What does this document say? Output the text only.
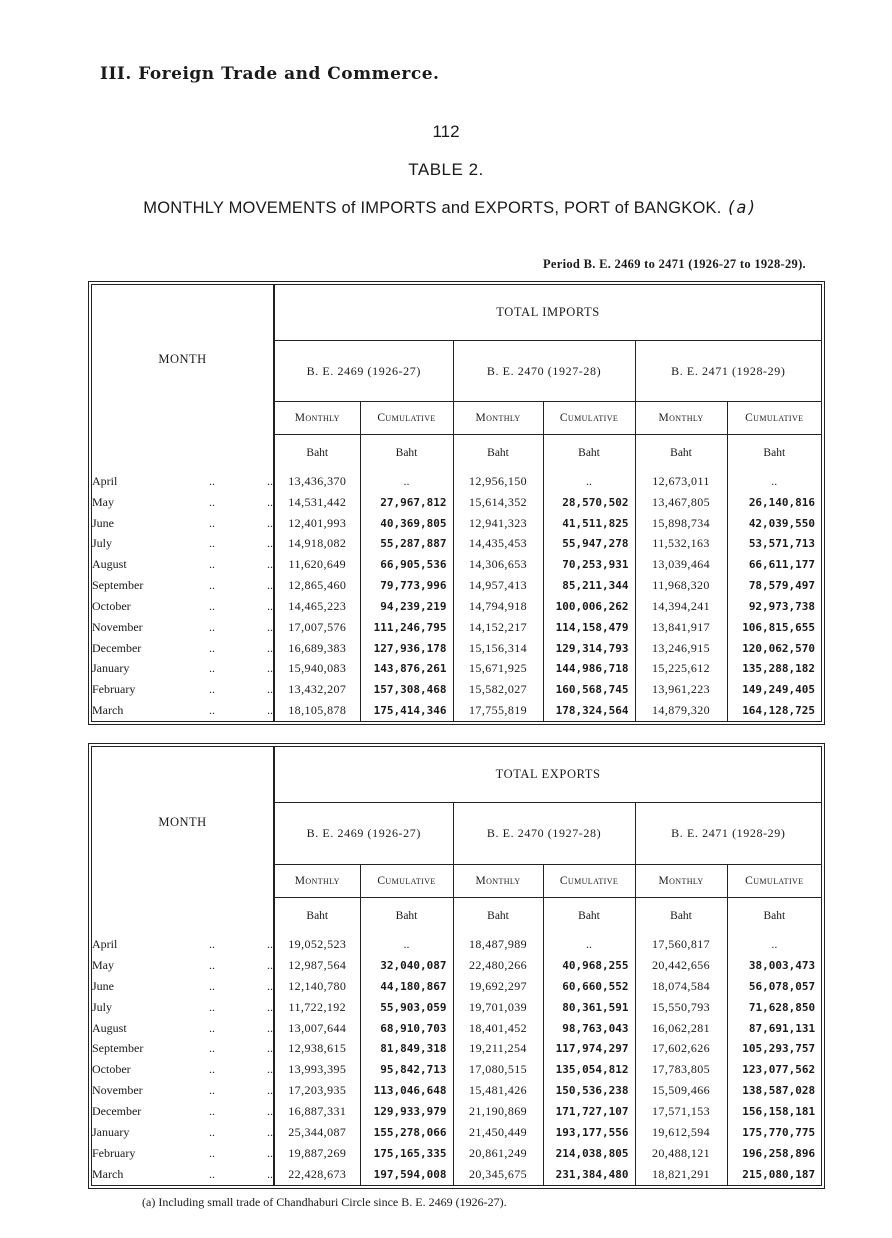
III. Foreign Trade and Commerce.
112
TABLE 2.
MONTHLY MOVEMENTS of IMPORTS and EXPORTS, PORT of BANGKOK. (a)
Period B. E. 2469 to 2471 (1926-27 to 1928-29).
MONTH			TOTAL IMPORTS					
			B. E. 2469 (1926-27)		B. E. 2470 (1927-28)		B. E. 2471 (1928-29)	
			Monthly	Cumulative	Monthly	Cumulative	Monthly	Cumulative
			Baht	Baht	Baht	Baht	Baht	Baht
April	..	..	13,436,370	..	12,956,150	..	12,673,011	..
May	..	..	14,531,442	27,967,812	15,614,352	28,570,502	13,467,805	26,140,816
June	..	..	12,401,993	40,369,805	12,941,323	41,511,825	15,898,734	42,039,550
July	..	..	14,918,082	55,287,887	14,435,453	55,947,278	11,532,163	53,571,713
August	..	..	11,620,649	66,905,536	14,306,653	70,253,931	13,039,464	66,611,177
September	..	..	12,865,460	79,773,996	14,957,413	85,211,344	11,968,320	78,579,497
October	..	..	14,465,223	94,239,219	14,794,918	100,006,262	14,394,241	92,973,738
November	..	..	17,007,576	111,246,795	14,152,217	114,158,479	13,841,917	106,815,655
December	..	..	16,689,383	127,936,178	15,156,314	129,314,793	13,246,915	120,062,570
January	..	..	15,940,083	143,876,261	15,671,925	144,986,718	15,225,612	135,288,182
February	..	..	13,432,207	157,308,468	15,582,027	160,568,745	13,961,223	149,249,405
March	..	..	18,105,878	175,414,346	17,755,819	178,324,564	14,879,320	164,128,725
MONTH			TOTAL EXPORTS					
			B. E. 2469 (1926-27)		B. E. 2470 (1927-28)		B. E. 2471 (1928-29)	
			Monthly	Cumulative	Monthly	Cumulative	Monthly	Cumulative
			Baht	Baht	Baht	Baht	Baht	Baht
April	..	..	19,052,523	..	18,487,989	..	17,560,817	..
May	..	..	12,987,564	32,040,087	22,480,266	40,968,255	20,442,656	38,003,473
June	..	..	12,140,780	44,180,867	19,692,297	60,660,552	18,074,584	56,078,057
July	..	..	11,722,192	55,903,059	19,701,039	80,361,591	15,550,793	71,628,850
August	..	..	13,007,644	68,910,703	18,401,452	98,763,043	16,062,281	87,691,131
September	..	..	12,938,615	81,849,318	19,211,254	117,974,297	17,602,626	105,293,757
October	..	..	13,993,395	95,842,713	17,080,515	135,054,812	17,783,805	123,077,562
November	..	..	17,203,935	113,046,648	15,481,426	150,536,238	15,509,466	138,587,028
December	..	..	16,887,331	129,933,979	21,190,869	171,727,107	17,571,153	156,158,181
January	..	..	25,344,087	155,278,066	21,450,449	193,177,556	19,612,594	175,770,775
February	..	..	19,887,269	175,165,335	20,861,249	214,038,805	20,488,121	196,258,896
March	..	..	22,428,673	197,594,008	20,345,675	231,384,480	18,821,291	215,080,187
(a) Including small trade of Chandhaburi Circle since B. E. 2469 (1926-27).
